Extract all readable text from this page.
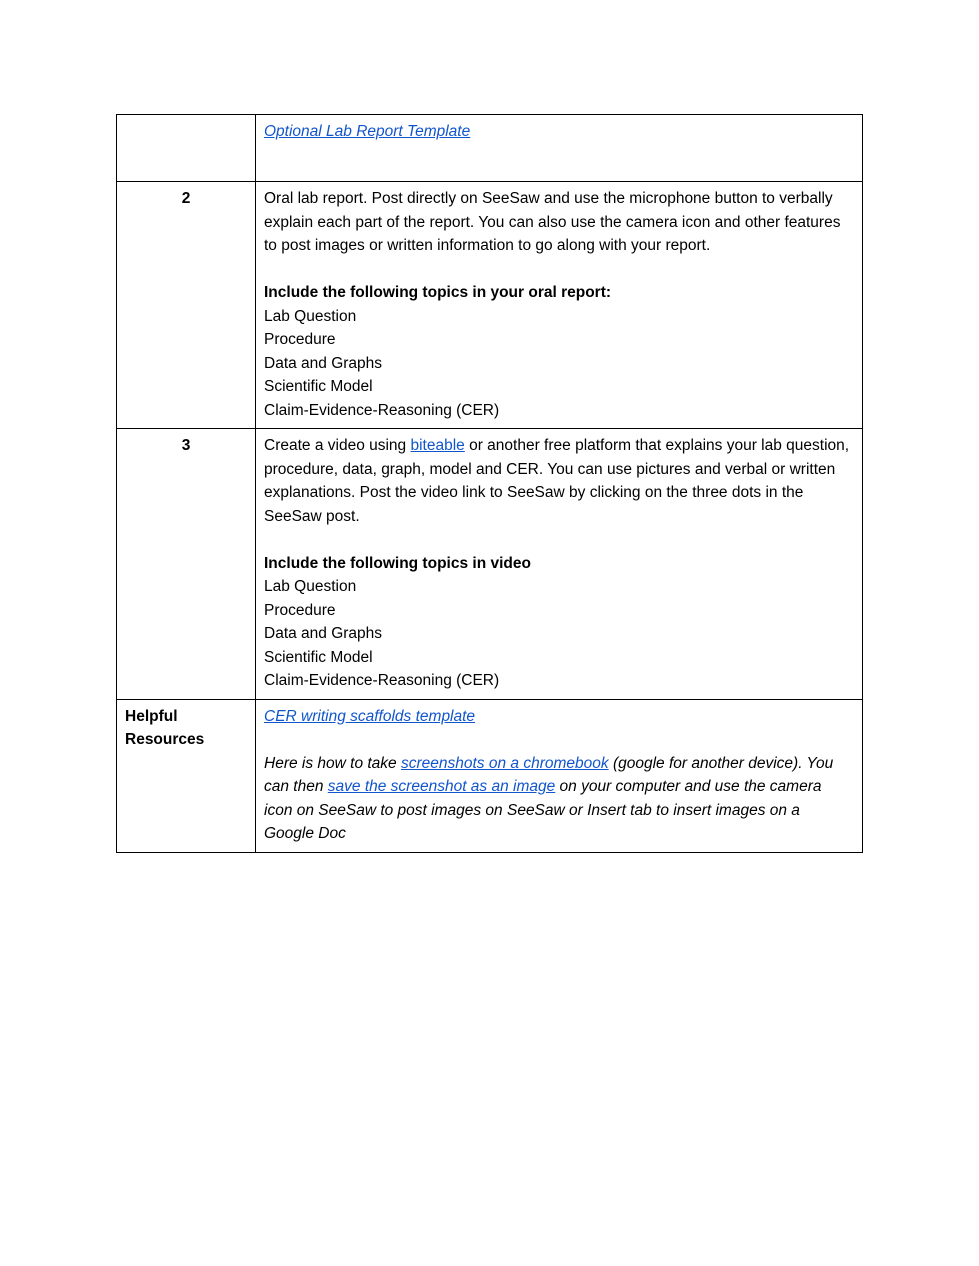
	Optional Lab Report Template

2	Oral lab report. Post directly on SeeSaw and use the microphone button to verbally explain each part of the report. You can also use the camera icon and other features to post images or written information to go along with your report.

Include the following topics in your oral report:
Lab Question
Procedure
Data and Graphs
Scientific Model
Claim-Evidence-Reasoning (CER)

3	Create a video using biteable or another free platform that explains your lab question, procedure, data, graph, model and CER. You can use pictures and verbal or written explanations. Post the video link to SeeSaw by clicking on the three dots in the SeeSaw post.

Include the following topics in video
Lab Question
Procedure
Data and Graphs
Scientific Model
Claim-Evidence-Reasoning (CER)

Helpful Resources	CER writing scaffolds template

Here is how to take screenshots on a chromebook (google for another device). You can then save the screenshot as an image on your computer and use the camera icon on SeeSaw to post images on SeeSaw or Insert tab to insert images on a Google Doc
